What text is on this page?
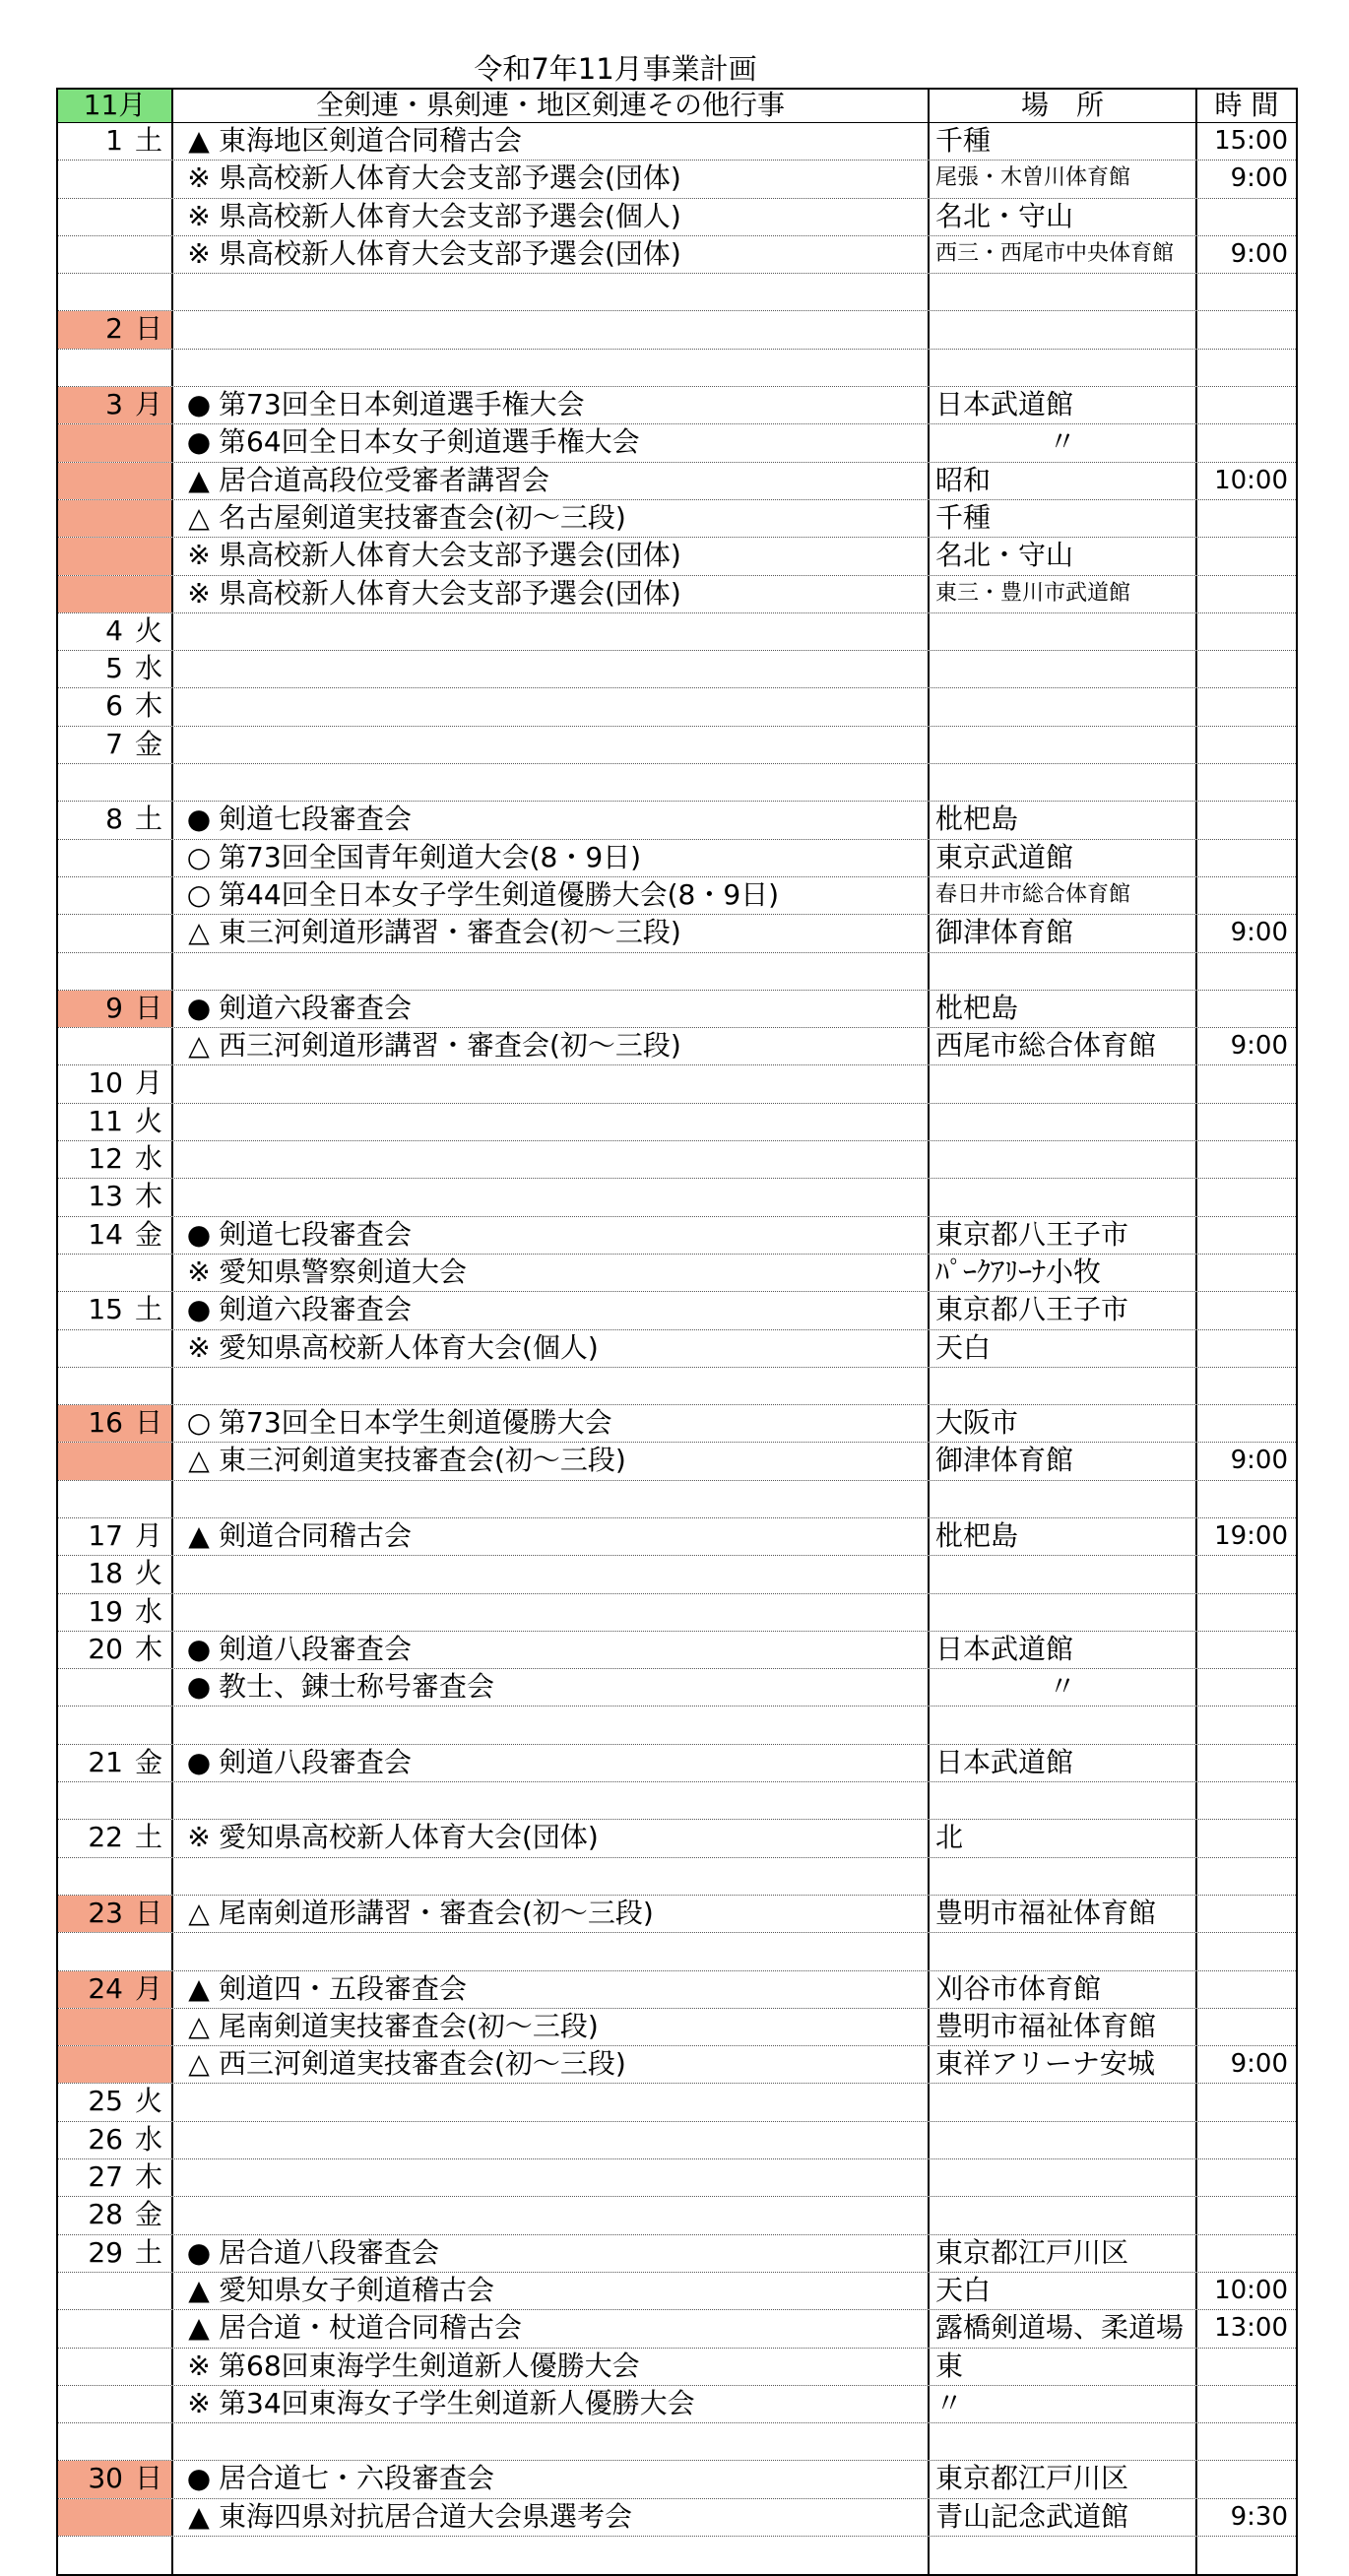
令和7年11月事業計画
11月	全剣連・県剣連・地区剣連その他行事	場　所	時 間
1 土 ▲ 東海地区剣道合同稽古会	千種	15:00
※ 県高校新人体育大会支部予選会(団体)	尾張・木曽川体育館	9:00
※ 県高校新人体育大会支部予選会(個人)	名北・守山
※ 県高校新人体育大会支部予選会(団体)	西三・西尾市中央体育館	9:00
2 日
3 月 ● 第73回全日本剣道選手権大会	日本武道館
● 第64回全日本女子剣道選手権大会	〃
▲ 居合道高段位受審者講習会	昭和	10:00
△ 名古屋剣道実技審査会(初～三段)	千種
※ 県高校新人体育大会支部予選会(団体)	名北・守山
※ 県高校新人体育大会支部予選会(団体)	東三・豊川市武道館
4 火
5 水
6 木
7 金
8 土 ● 剣道七段審査会	枇杷島
○ 第73回全国青年剣道大会(8・9日)	東京武道館
○ 第44回全日本女子学生剣道優勝大会(8・9日)	春日井市総合体育館
△ 東三河剣道形講習・審査会(初～三段)	御津体育館	9:00
9 日 ● 剣道六段審査会	枇杷島
△ 西三河剣道形講習・審査会(初～三段)	西尾市総合体育館	9:00
10 月
11 火
12 水
13 木
14 金 ● 剣道七段審査会	東京都八王子市
※ 愛知県警察剣道大会	ﾊﾟｰｸｱﾘｰﾅ小牧
15 土 ● 剣道六段審査会	東京都八王子市
※ 愛知県高校新人体育大会(個人)	天白
16 日 ○ 第73回全日本学生剣道優勝大会	大阪市
△ 東三河剣道実技審査会(初～三段)	御津体育館	9:00
17 月 ▲ 剣道合同稽古会	枇杷島	19:00
18 火
19 水
20 木 ● 剣道八段審査会	日本武道館
● 教士、錬士称号審査会	〃
21 金 ● 剣道八段審査会	日本武道館
22 土 ※ 愛知県高校新人体育大会(団体)	北
23 日 △ 尾南剣道形講習・審査会(初～三段)	豊明市福祉体育館
24 月 ▲ 剣道四・五段審査会	刈谷市体育館
△ 尾南剣道実技審査会(初～三段)	豊明市福祉体育館
△ 西三河剣道実技審査会(初～三段)	東祥アリーナ安城	9:00
25 火
26 水
27 木
28 金
29 土 ● 居合道八段審査会	東京都江戸川区
▲ 愛知県女子剣道稽古会	天白	10:00
▲ 居合道・杖道合同稽古会	露橋剣道場、柔道場	13:00
※ 第68回東海学生剣道新人優勝大会	東
※ 第34回東海女子学生剣道新人優勝大会	〃
30 日 ● 居合道七・六段審査会	東京都江戸川区
▲ 東海四県対抗居合道大会県選考会	青山記念武道館	9:30
